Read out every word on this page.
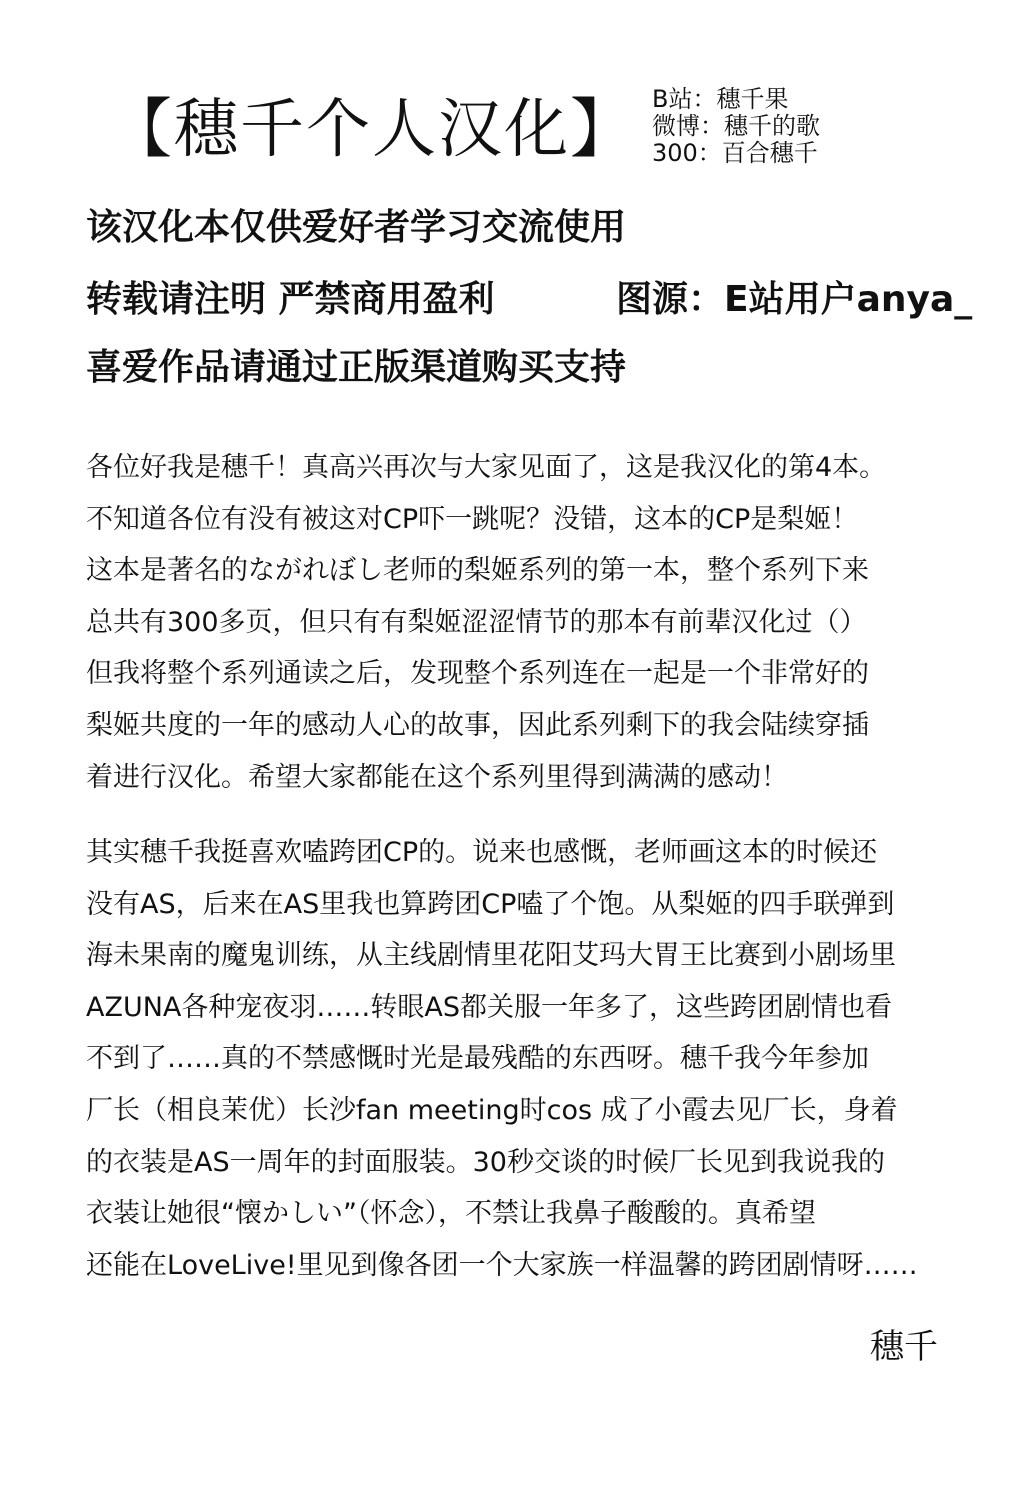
【穗千个人汉化】 B站：穗千果
微博：穗千的歌
300：百合穗千
该汉化本仅供爱好者学习交流使用
转载请注明 严禁商用盈利	图源：E站用户anya_
喜爱作品请通过正版渠道购买支持
各位好我是穗千！真高兴再次与大家见面了，这是我汉化的第4本。
不知道各位有没有被这对CP吓一跳呢？没错，这本的CP是梨姬！
这本是著名的ながれぼし老师的梨姬系列的第一本，整个系列下来
总共有300多页，但只有有梨姬涩涩情节的那本有前辈汉化过（）
但我将整个系列通读之后，发现整个系列连在一起是一个非常好的
梨姬共度的一年的感动人心的故事，因此系列剩下的我会陆续穿插
着进行汉化。希望大家都能在这个系列里得到满满的感动！
其实穗千我挺喜欢嗑跨团CP的。说来也感慨，老师画这本的时候还
没有AS，后来在AS里我也算跨团CP嗑了个饱。从梨姬的四手联弹到
海未果南的魔鬼训练，从主线剧情里花阳艾玛大胃王比赛到小剧场里
AZUNA各种宠夜羽……转眼AS都关服一年多了，这些跨团剧情也看
不到了……真的不禁感慨时光是最残酷的东西呀。穗千我今年参加
厂长（相良茉优）长沙fan meeting时cos 成了小霞去见厂长，身着
的衣装是AS一周年的封面服装。30秒交谈的时候厂长见到我说我的
衣装让她很“懐かしい”（怀念），不禁让我鼻子酸酸的。真希望
还能在LoveLive!里见到像各团一个大家族一样温馨的跨团剧情呀……
穗千
